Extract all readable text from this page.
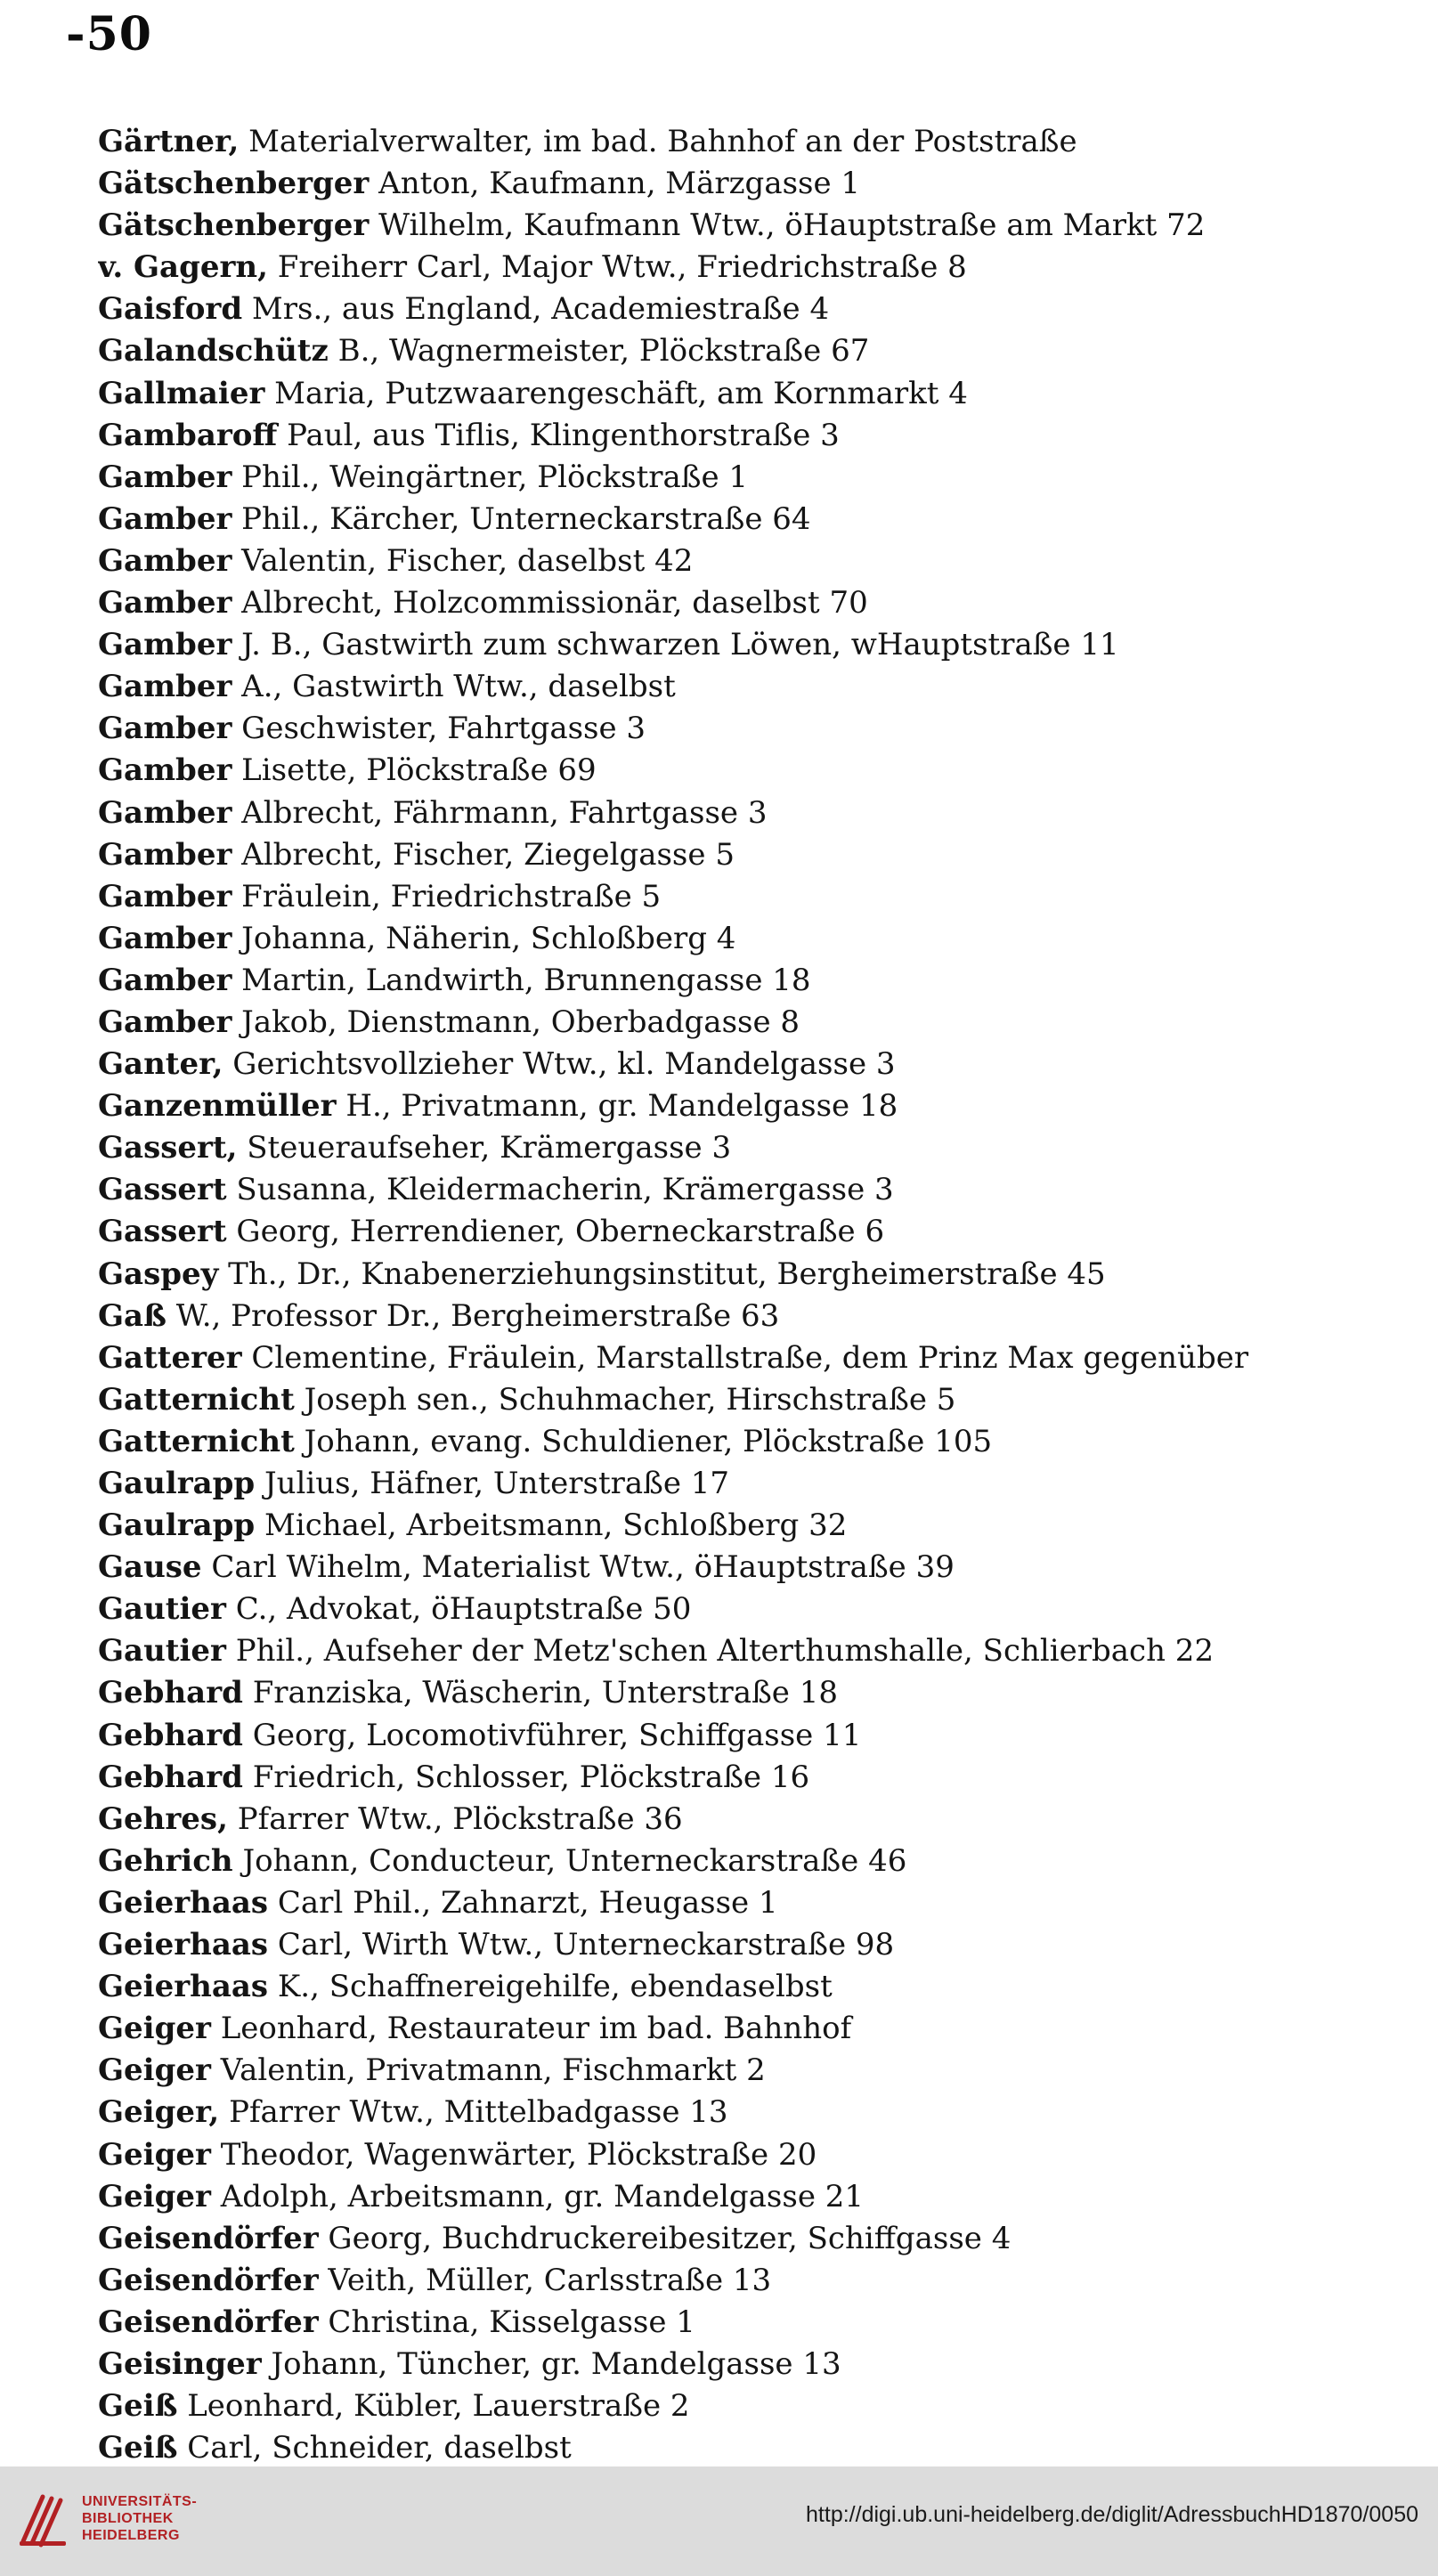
-50
Gärtner, Materialverwalter, im bad. Bahnhof an der Poststraße
Gätschenberger Anton, Kaufmann, Märzgasse 1
Gätschenberger Wilhelm, Kaufmann Wtw., öHauptstraße am Markt 72
v. Gagern, Freiherr Carl, Major Wtw., Friedrichstraße 8
Gaisford Mrs., aus England, Academiestraße 4
Galandschütz B., Wagnermeister, Plöckstraße 67
Gallmaier Maria, Putzwaarengeschäft, am Kornmarkt 4
Gambaroff Paul, aus Tiflis, Klingenthorstraße 3
Gamber Phil., Weingärtner, Plöckstraße 1
Gamber Phil., Kärcher, Unterneckarstraße 64
Gamber Valentin, Fischer, daselbst 42
Gamber Albrecht, Holzcommissionär, daselbst 70
Gamber J. B., Gastwirth zum schwarzen Löwen, wHauptstraße 11
Gamber A., Gastwirth Wtw., daselbst
Gamber Geschwister, Fahrtgasse 3
Gamber Lisette, Plöckstraße 69
Gamber Albrecht, Fährmann, Fahrtgasse 3
Gamber Albrecht, Fischer, Ziegelgasse 5
Gamber Fräulein, Friedrichstraße 5
Gamber Johanna, Näherin, Schloßberg 4
Gamber Martin, Landwirth, Brunnengasse 18
Gamber Jakob, Dienstmann, Oberbadgasse 8
Ganter, Gerichtsvollzieher Wtw., kl. Mandelgasse 3
Ganzenmüller H., Privatmann, gr. Mandelgasse 18
Gassert, Steueraufseher, Krämergasse 3
Gassert Susanna, Kleidermacherin, Krämergasse 3
Gassert Georg, Herrendiener, Oberneckarstraße 6
Gaspey Th., Dr., Knabenerziehungsinstitut, Bergheimerstraße 45
Gaß W., Professor Dr., Bergheimerstraße 63
Gatterer Clementine, Fräulein, Marstallstraße, dem Prinz Max gegenüber
Gatternicht Joseph sen., Schuhmacher, Hirschstraße 5
Gatternicht Johann, evang. Schuldiener, Plöckstraße 105
Gaulrapp Julius, Häfner, Unterstraße 17
Gaulrapp Michael, Arbeitsmann, Schloßberg 32
Gause Carl Wihelm, Materialist Wtw., öHauptstraße 39
Gautier C., Advokat, öHauptstraße 50
Gautier Phil., Aufseher der Metz'schen Alterthumshalle, Schlierbach 22
Gebhard Franziska, Wäscherin, Unterstraße 18
Gebhard Georg, Locomotivführer, Schiffgasse 11
Gebhard Friedrich, Schlosser, Plöckstraße 16
Gehres, Pfarrer Wtw., Plöckstraße 36
Gehrich Johann, Conducteur, Unterneckarstraße 46
Geierhaas Carl Phil., Zahnarzt, Heugasse 1
Geierhaas Carl, Wirth Wtw., Unterneckarstraße 98
Geierhaas K., Schaffnereigehilfe, ebendaselbst
Geiger Leonhard, Restaurateur im bad. Bahnhof
Geiger Valentin, Privatmann, Fischmarkt 2
Geiger, Pfarrer Wtw., Mittelbadgasse 13
Geiger Theodor, Wagenwärter, Plöckstraße 20
Geiger Adolph, Arbeitsmann, gr. Mandelgasse 21
Geisendörfer Georg, Buchdruckereibesitzer, Schiffgasse 4
Geisendörfer Veith, Müller, Carlsstraße 13
Geisendörfer Christina, Kisselgasse 1
Geisinger Johann, Tüncher, gr. Mandelgasse 13
Geiß Leonhard, Kübler, Lauerstraße 2
Geiß Carl, Schneider, daselbst
UNIVERSITÄTS-
BIBLIOTHEK
HEIDELBERG
http://digi.ub.uni-heidelberg.de/diglit/AdressbuchHD1870/0050
